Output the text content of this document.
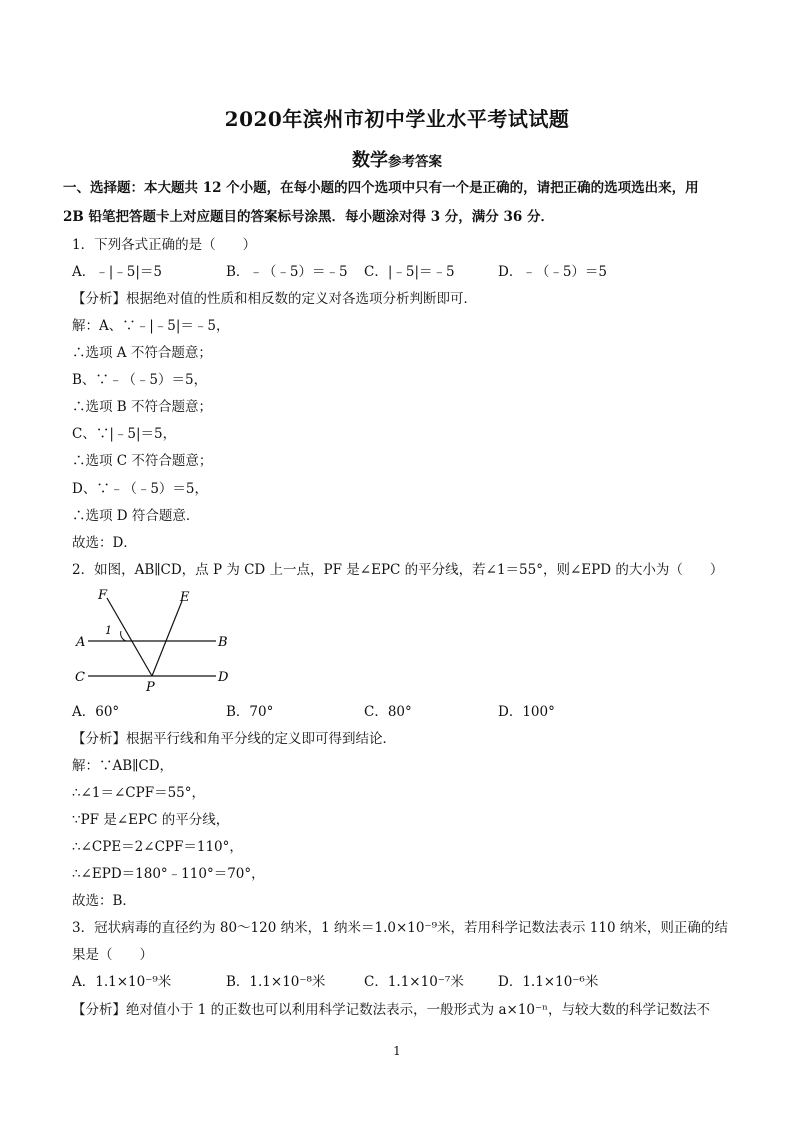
2020年滨州市初中学业水平考试试题
数学参考答案
一、选择题：本大题共 12 个小题，在每小题的四个选项中只有一个是正确的，请把正确的选项选出来，用
2B 铅笔把答题卡上对应题目的答案标号涂黑．每小题涂对得 3 分，满分 36 分．
1．下列各式正确的是（　　）
A．﹣|﹣5|＝5	B．﹣（﹣5）＝﹣5 C．|﹣5|＝﹣5	D．﹣（﹣5）＝5
【分析】根据绝对值的性质和相反数的定义对各选项分析判断即可．
解：A、∵﹣|﹣5|＝﹣5，
∴选项 A 不符合题意；
B、∵﹣（﹣5）＝5，
∴选项 B 不符合题意；
C、∵|﹣5|＝5，
∴选项 C 不符合题意；
D、∵﹣（﹣5）＝5，
∴选项 D 符合题意．
故选：D．
2．如图，AB∥CD，点 P 为 CD 上一点，PF 是∠EPC 的平分线，若∠1＝55°，则∠EPD 的大小为（　　）
F	E
A	B
C	D
P
1
A．60°	B．70°	C．80°	D．100°
【分析】根据平行线和角平分线的定义即可得到结论．
解：∵AB∥CD，
∴∠1＝∠CPF＝55°，
∵PF 是∠EPC 的平分线，
∴∠CPE＝2∠CPF＝110°，
∴∠EPD＝180°﹣110°＝70°，
故选：B．
3．冠状病毒的直径约为 80～120 纳米，1 纳米＝1.0×10⁻⁹米，若用科学记数法表示 110 纳米，则正确的结
果是（　　）
A．1.1×10⁻⁹米	B．1.1×10⁻⁸米	C．1.1×10⁻⁷米	D．1.1×10⁻⁶米
【分析】绝对值小于 1 的正数也可以利用科学记数法表示，一般形式为 a×10⁻ⁿ，与较大数的科学记数法不
1
